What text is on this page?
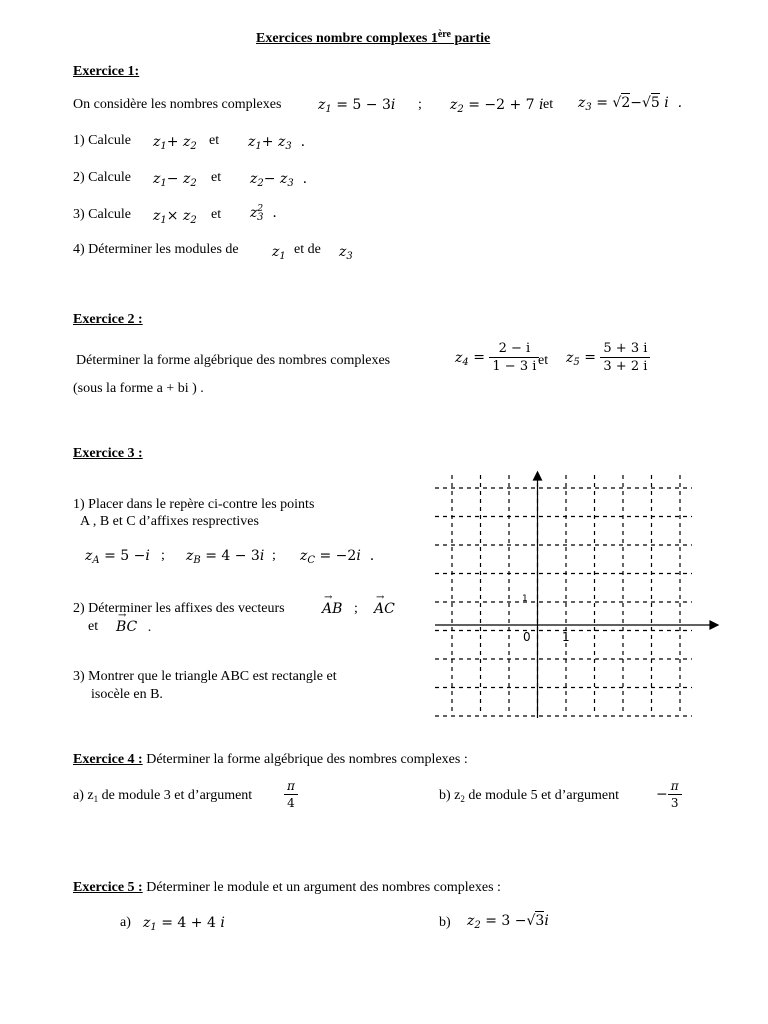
Exercices nombre complexes 1ère partie
Exercice 1:
On considère les nombres complexes	$z_1 = 5 - 3i$ ; $z_2 = -2 + 7$ i et $z_3 = √2-√5$ i  .
1) Calcule $z_1+ z_2$ et $z_1+ z_3$  .
2) Calcule $z_1- z_2$ et $z_2- z_3$  .
3) Calcule $z_1\times z_2$ et $z^2_3$  .
4) Déterminer les modules de $z_1$ et de $z_3$
Exercice 2 :
Déterminer la forme algébrique des nombres complexes	$z_4 = \frac{2 - i}{1 - 3 i}$
et $z_5 = \frac{5 + 3 i}{3 + 2 i}$
(sous la forme a + bi ) .
Exercice 3 :
1) Placer dans le repère ci-contre les points
A , B et C d’affixes resprectives
$z_A = 5 -i$ ; $z_B = 4 - 3i$ ; $z_C = -2i$  .
2) Déterminer les affixes des vecteurs	→ AB ; → AC
et → BC   .
3) Montrer que le triangle ABC est rectangle et
isocèle en B.
0	1
1
Exercice 4 : Déterminer la forme algébrique des nombres complexes :
a) $z_1$ de module 3 et d’argument	$\frac{\pi}{4}$	b) $z_2$ de module 5 et d’argument	− $\frac{\pi}{3}$
Exercice 5 : Déterminer le module et un argument des nombres complexes :
a) $z_1 = 4 + 4$ i	b) $z_2 = 3 -√3i$
